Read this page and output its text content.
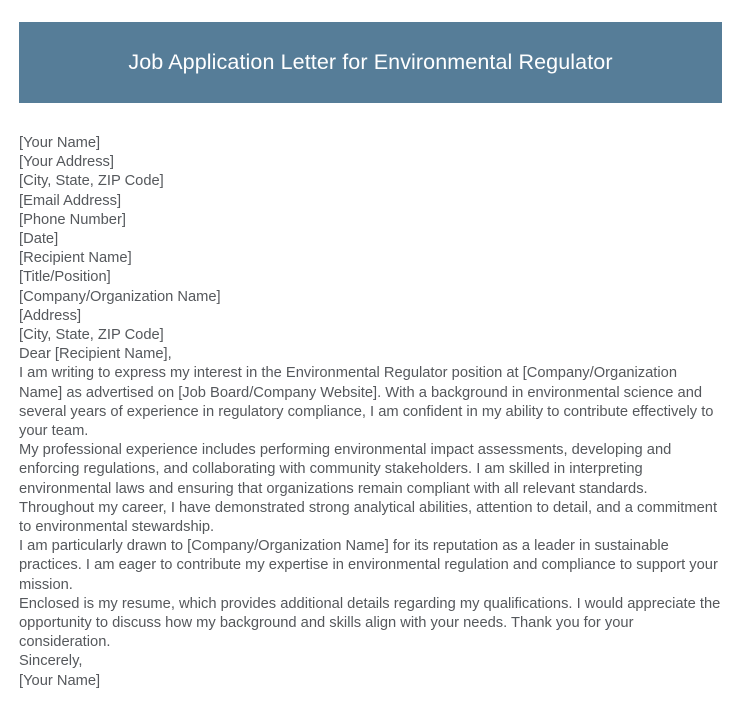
Job Application Letter for Environmental Regulator
[Your Name]
[Your Address]
[City, State, ZIP Code]
[Email Address]
[Phone Number]
[Date]
[Recipient Name]
[Title/Position]
[Company/Organization Name]
[Address]
[City, State, ZIP Code]
Dear [Recipient Name],

I am writing to express my interest in the Environmental Regulator position at [Company/Organization Name] as advertised on [Job Board/Company Website]. With a background in environmental science and several years of experience in regulatory compliance, I am confident in my ability to contribute effectively to your team.

My professional experience includes performing environmental impact assessments, developing and enforcing regulations, and collaborating with community stakeholders. I am skilled in interpreting environmental laws and ensuring that organizations remain compliant with all relevant standards. Throughout my career, I have demonstrated strong analytical abilities, attention to detail, and a commitment to environmental stewardship.

I am particularly drawn to [Company/Organization Name] for its reputation as a leader in sustainable practices. I am eager to contribute my expertise in environmental regulation and compliance to support your mission.

Enclosed is my resume, which provides additional details regarding my qualifications. I would appreciate the opportunity to discuss how my background and skills align with your needs. Thank you for your consideration.

Sincerely,
[Your Name]
